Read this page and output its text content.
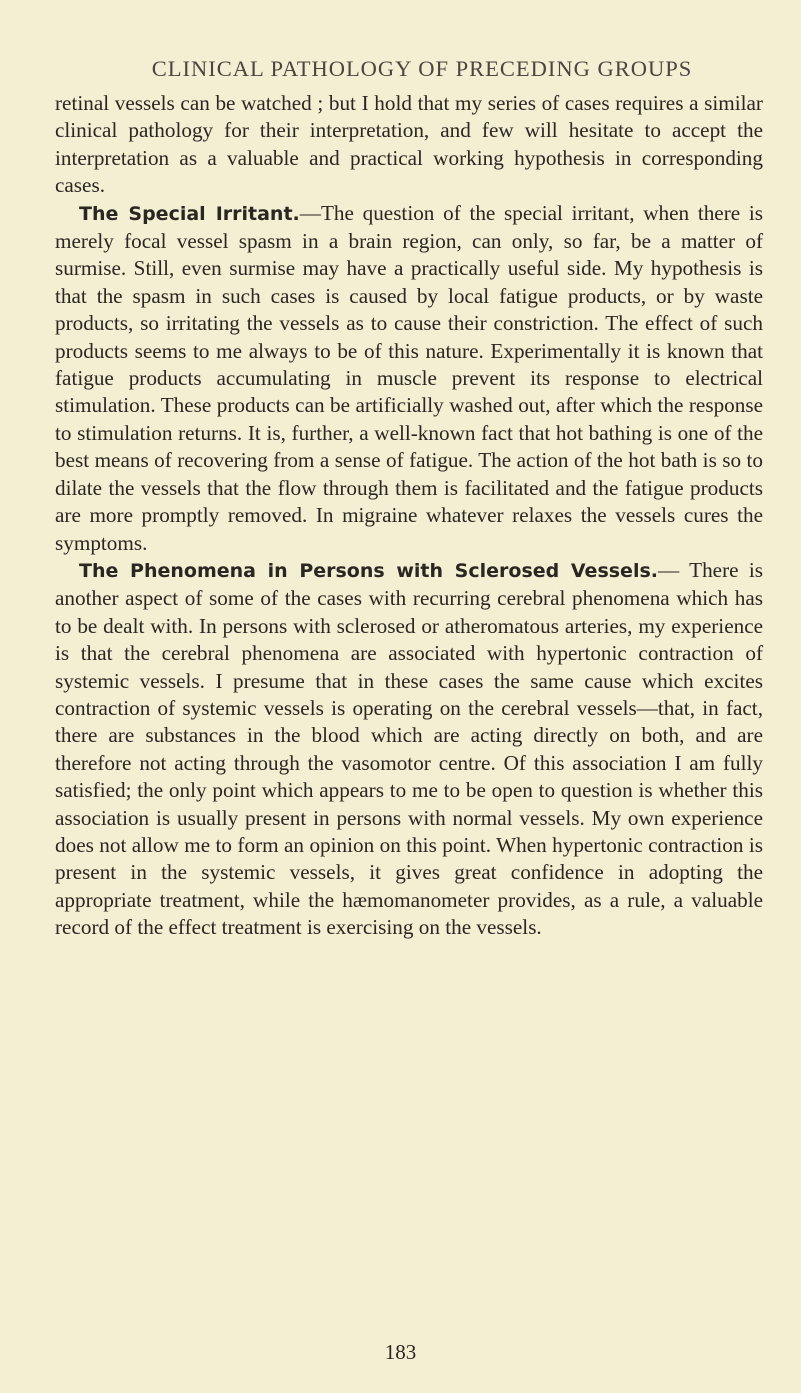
CLINICAL PATHOLOGY OF PRECEDING GROUPS

retinal vessels can be watched ; but I hold that my series of cases requires a similar clinical pathology for their interpretation, and few will hesitate to accept the interpretation as a valuable and practical working hypothesis in corresponding cases.

The Special Irritant.—The question of the special irritant, when there is merely focal vessel spasm in a brain region, can only, so far, be a matter of surmise. Still, even surmise may have a practically useful side. My hypothesis is that the spasm in such cases is caused by local fatigue products, or by waste products, so irritating the vessels as to cause their constriction. The effect of such products seems to me always to be of this nature. Experimentally it is known that fatigue products accumulating in muscle prevent its response to electrical stimulation. These products can be artificially washed out, after which the response to stimulation returns. It is, further, a well-known fact that hot bathing is one of the best means of recovering from a sense of fatigue. The action of the hot bath is so to dilate the vessels that the flow through them is facilitated and the fatigue products are more promptly removed. In migraine whatever relaxes the vessels cures the symptoms.

The Phenomena in Persons with Sclerosed Vessels.— There is another aspect of some of the cases with recurring cerebral phenomena which has to be dealt with. In persons with sclerosed or atheromatous arteries, my experience is that the cerebral phenomena are associated with hypertonic contraction of systemic vessels. I presume that in these cases the same cause which excites contraction of systemic vessels is operating on the cerebral vessels—that, in fact, there are substances in the blood which are acting directly on both, and are therefore not acting through the vasomotor centre. Of this association I am fully satisfied; the only point which appears to me to be open to question is whether this association is usually present in persons with normal vessels. My own experience does not allow me to form an opinion on this point. When hypertonic contraction is present in the systemic vessels, it gives great confidence in adopting the appropriate treatment, while the hæmomanometer provides, as a rule, a valuable record of the effect treatment is exercising on the vessels.

183
